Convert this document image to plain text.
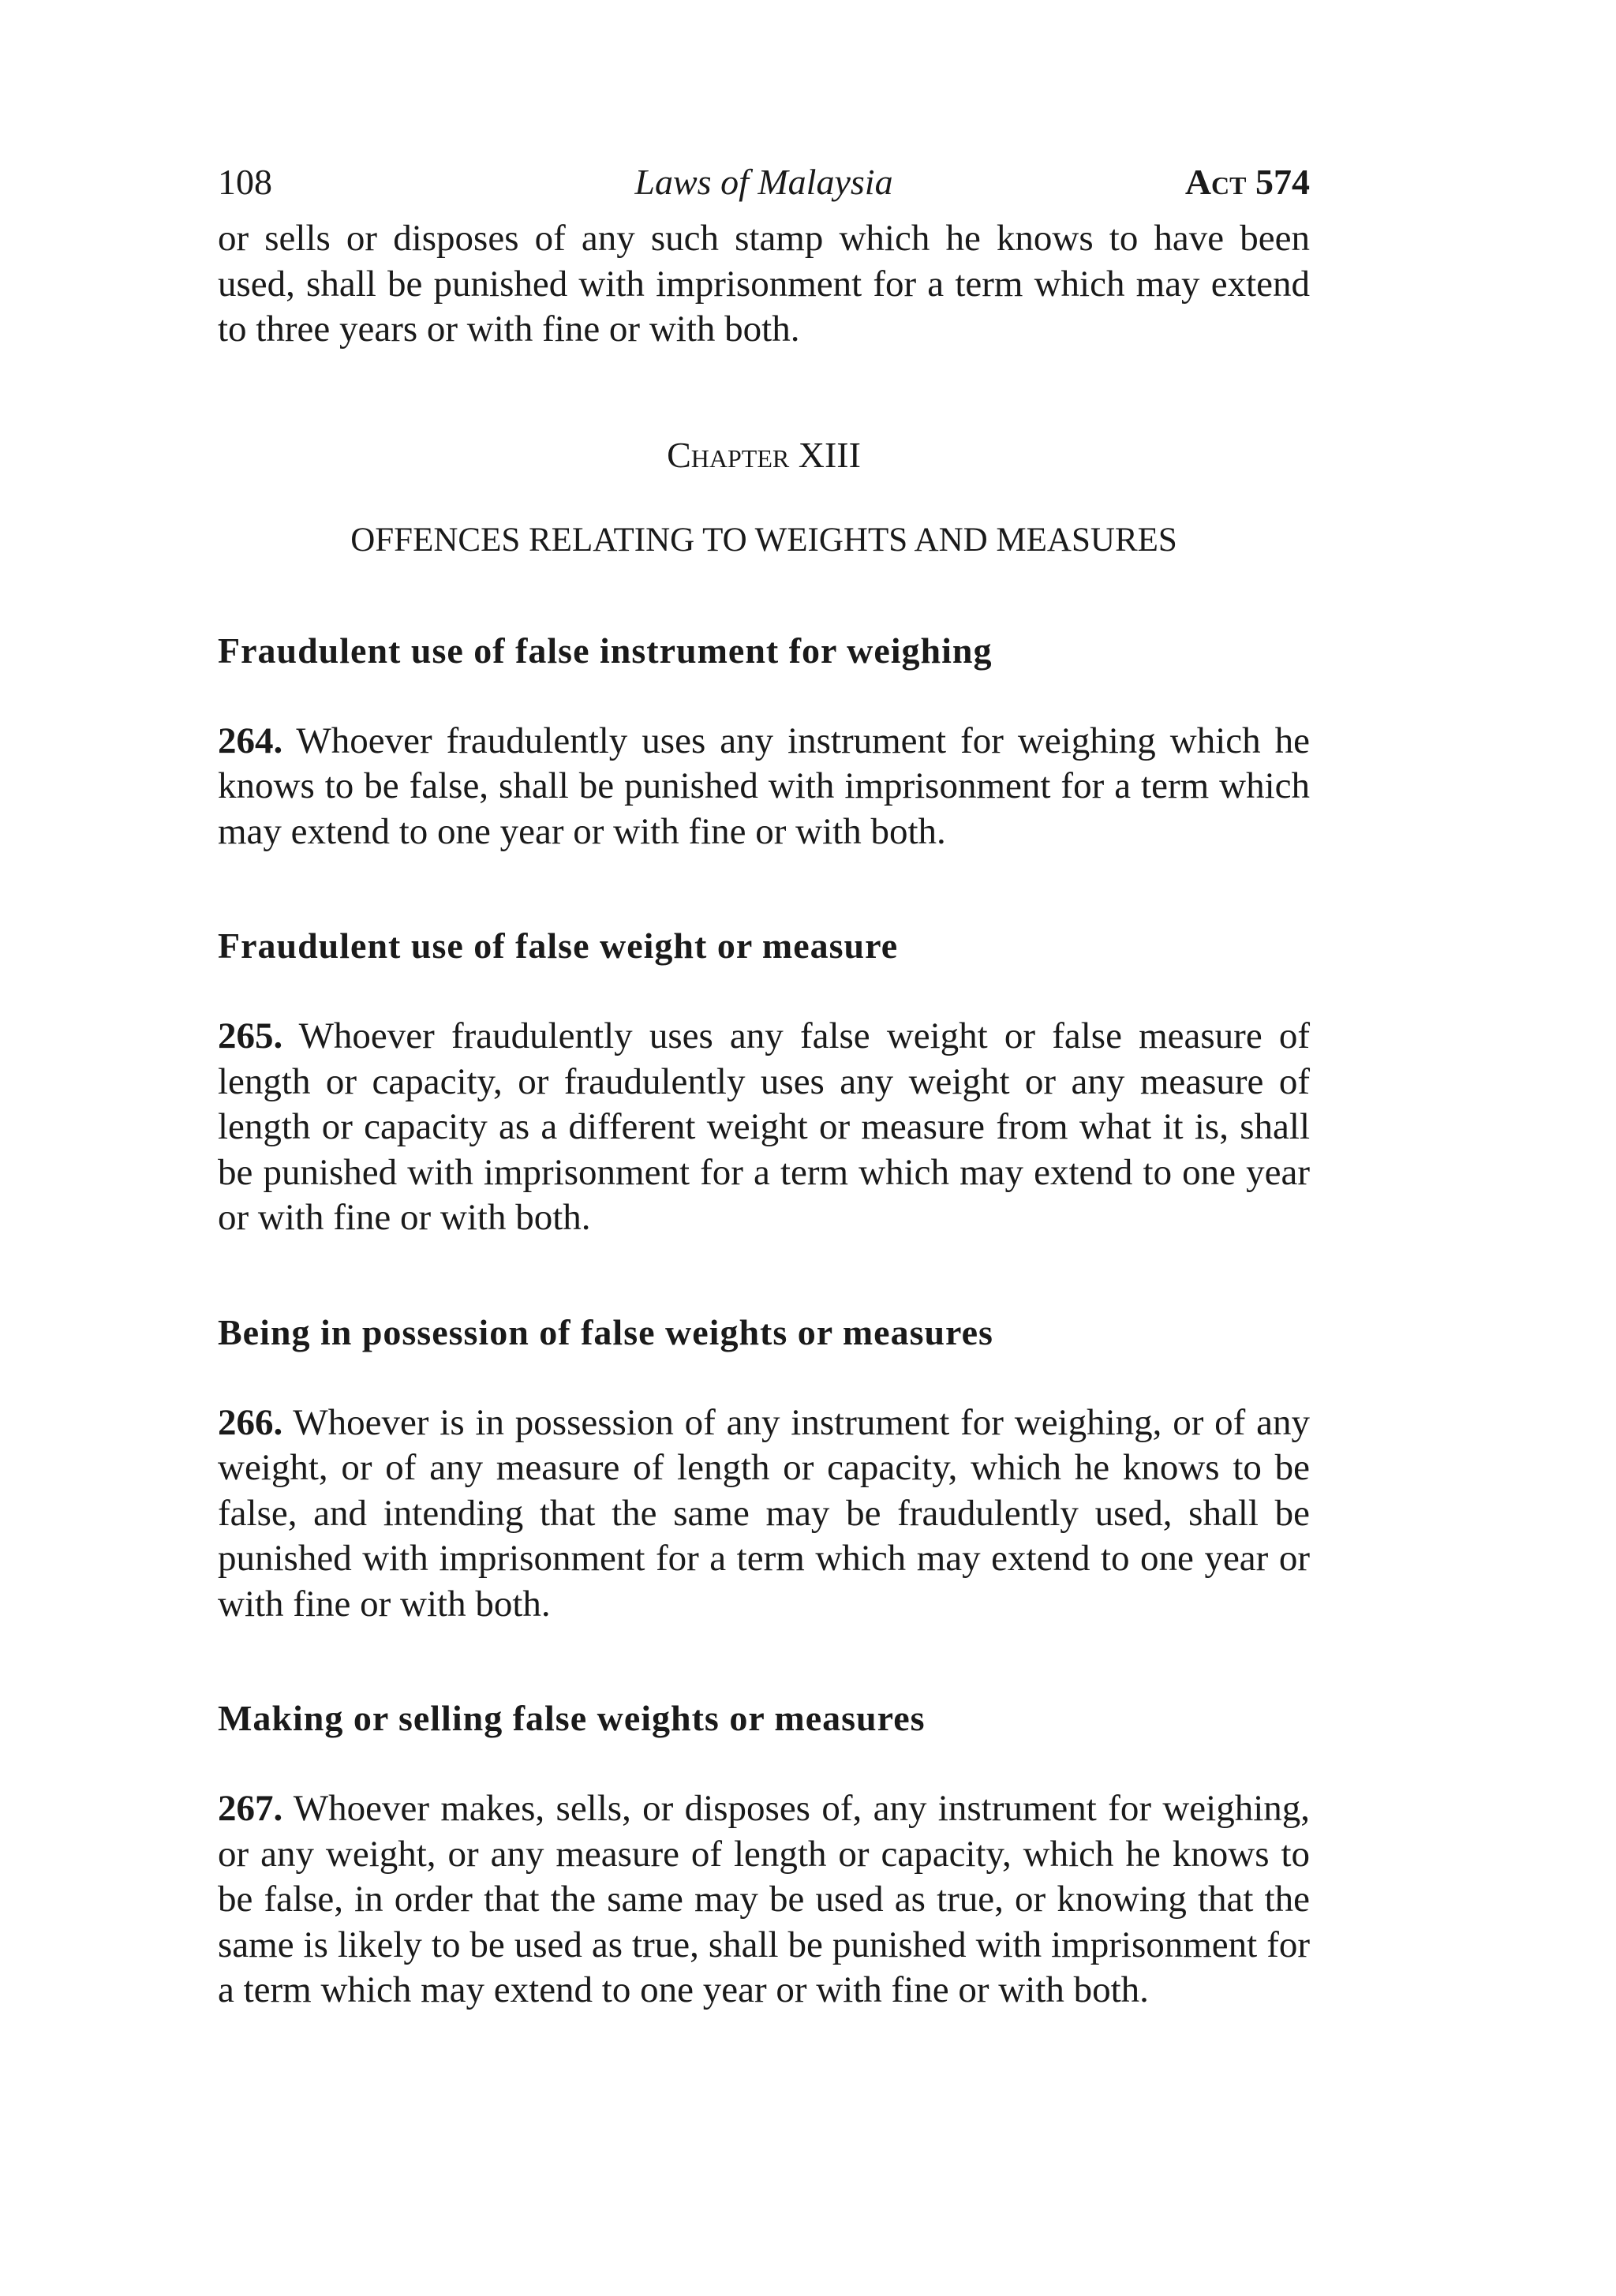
108	Laws of Malaysia	Act 574

or sells or disposes of any such stamp which he knows to have been used, shall be punished with imprisonment for a term which may extend to three years or with fine or with both.

Chapter XIII
OFFENCES RELATING TO WEIGHTS AND MEASURES
Fraudulent use of false instrument for weighing

264. Whoever fraudulently uses any instrument for weighing which he knows to be false, shall be punished with imprisonment for a term which may extend to one year or with fine or with both.

Fraudulent use of false weight or measure

265. Whoever fraudulently uses any false weight or false measure of length or capacity, or fraudulently uses any weight or any measure of length or capacity as a different weight or measure from what it is, shall be punished with imprisonment for a term which may extend to one year or with fine or with both.

Being in possession of false weights or measures

266. Whoever is in possession of any instrument for weighing, or of any weight, or of any measure of length or capacity, which he knows to be false, and intending that the same may be fraudulently used, shall be punished with imprisonment for a term which may extend to one year or with fine or with both.

Making or selling false weights or measures

267. Whoever makes, sells, or disposes of, any instrument for weighing, or any weight, or any measure of length or capacity, which he knows to be false, in order that the same may be used as true, or knowing that the same is likely to be used as true, shall be punished with imprisonment for a term which may extend to one year or with fine or with both.
